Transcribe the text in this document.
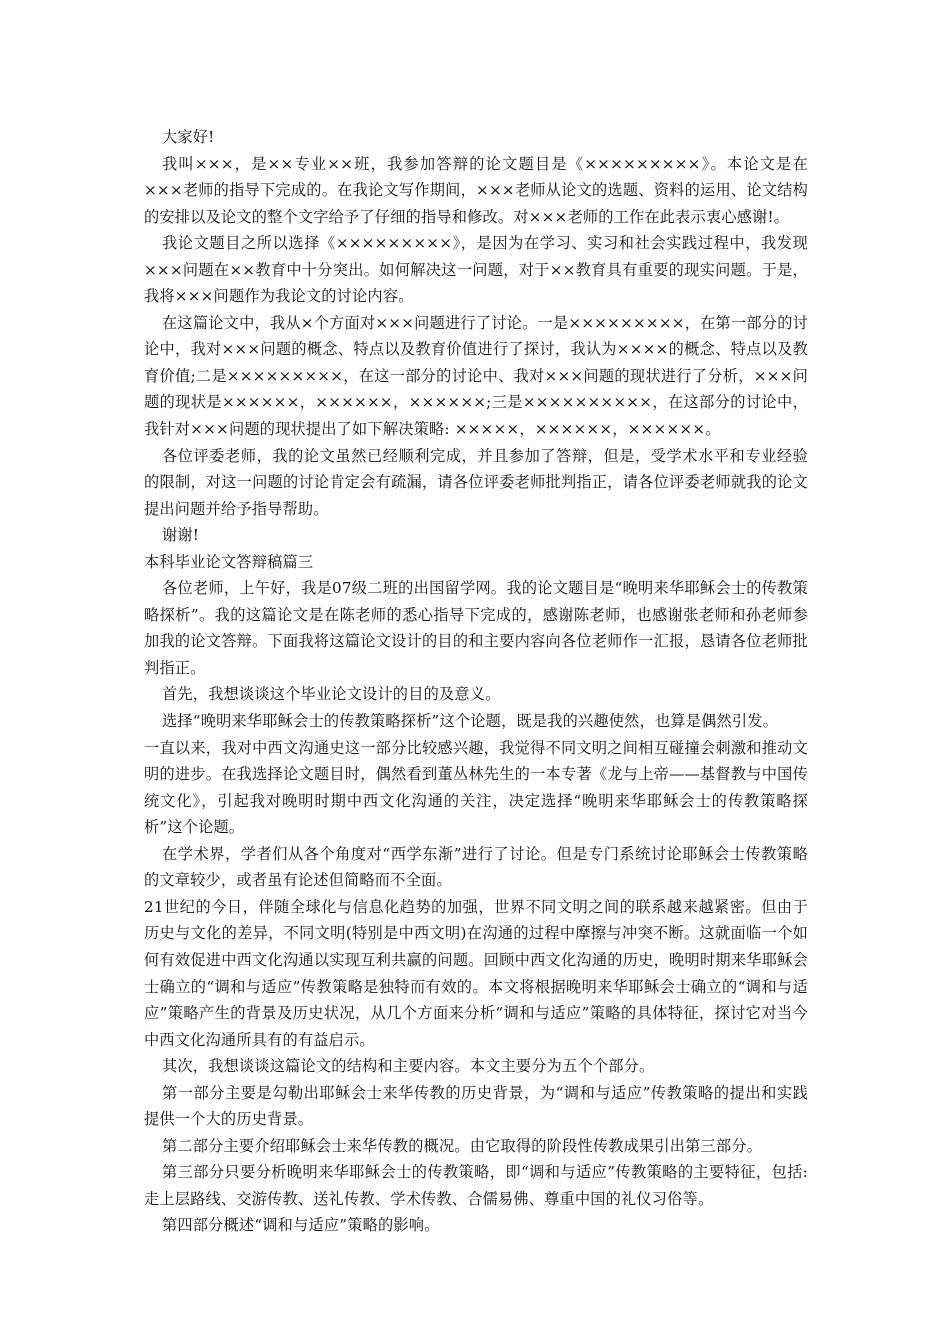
大家好!

我叫×××，是××专业××班，我参加答辩的论文题目是《×××××××××》。本论文是在×××老师的指导下完成的。在我论文写作期间，×××老师从论文的选题、资料的运用、论文结构的安排以及论文的整个文字给予了仔细的指导和修改。对×××老师的工作在此表示衷心感谢!。

我论文题目之所以选择《×××××××××》，是因为在学习、实习和社会实践过程中，我发现×××问题在××教育中十分突出。如何解决这一问题，对于××教育具有重要的现实问题。于是，我将×××问题作为我论文的讨论内容。

在这篇论文中，我从×个方面对×××问题进行了讨论。一是×××××××××，在第一部分的讨论中，我对×××问题的概念、特点以及教育价值进行了探讨，我认为××××的概念、特点以及教育价值;二是×××××××××，在这一部分的讨论中、我对×××问题的现状进行了分析，×××问题的现状是××××××，××××××，××××××;三是××××××××××，在这部分的讨论中，我针对×××问题的现状提出了如下解决策略: ×××××，××××××，××××××。

各位评委老师，我的论文虽然已经顺利完成，并且参加了答辩，但是，受学术水平和专业经验的限制，对这一问题的讨论肯定会有疏漏，请各位评委老师批判指正，请各位评委老师就我的论文提出问题并给予指导帮助。

谢谢!

本科毕业论文答辩稿篇三

各位老师，上午好，我是07级二班的出国留学网。我的论文题目是“晚明来华耶稣会士的传教策略探析”。我的这篇论文是在陈老师的悉心指导下完成的，感谢陈老师，也感谢张老师和孙老师参加我的论文答辩。下面我将这篇论文设计的目的和主要内容向各位老师作一汇报，恳请各位老师批判指正。

首先，我想谈谈这个毕业论文设计的目的及意义。

选择“晚明来华耶稣会士的传教策略探析”这个论题，既是我的兴趣使然，也算是偶然引发。

一直以来，我对中西文沟通史这一部分比较感兴趣，我觉得不同文明之间相互碰撞会刺激和推动文明的进步。在我选择论文题目时，偶然看到董丛林先生的一本专著《龙与上帝——基督教与中国传统文化》，引起我对晚明时期中西文化沟通的关注，决定选择“晚明来华耶稣会士的传教策略探析”这个论题。

在学术界，学者们从各个角度对“西学东渐”进行了讨论。但是专门系统讨论耶稣会士传教策略的文章较少，或者虽有论述但简略而不全面。

21世纪的今日，伴随全球化与信息化趋势的加强，世界不同文明之间的联系越来越紧密。但由于历史与文化的差异，不同文明(特别是中西文明)在沟通的过程中摩擦与冲突不断。这就面临一个如何有效促进中西文化沟通以实现互利共赢的问题。回顾中西文化沟通的历史，晚明时期来华耶稣会士确立的“调和与适应”传教策略是独特而有效的。本文将根据晚明来华耶稣会士确立的“调和与适应”策略产生的背景及历史状况，从几个方面来分析“调和与适应”策略的具体特征，探讨它对当今中西文化沟通所具有的有益启示。

其次，我想谈谈这篇论文的结构和主要内容。本文主要分为五个个部分。

第一部分主要是勾勒出耶稣会士来华传教的历史背景，为“调和与适应”传教策略的提出和实践提供一个大的历史背景。

第二部分主要介绍耶稣会士来华传教的概况。由它取得的阶段性传教成果引出第三部分。

第三部分只要分析晚明来华耶稣会士的传教策略，即“调和与适应”传教策略的主要特征，包括:走上层路线、交游传教、送礼传教、学术传教、合儒易佛、尊重中国的礼仪习俗等。

第四部分概述“调和与适应”策略的影响。
